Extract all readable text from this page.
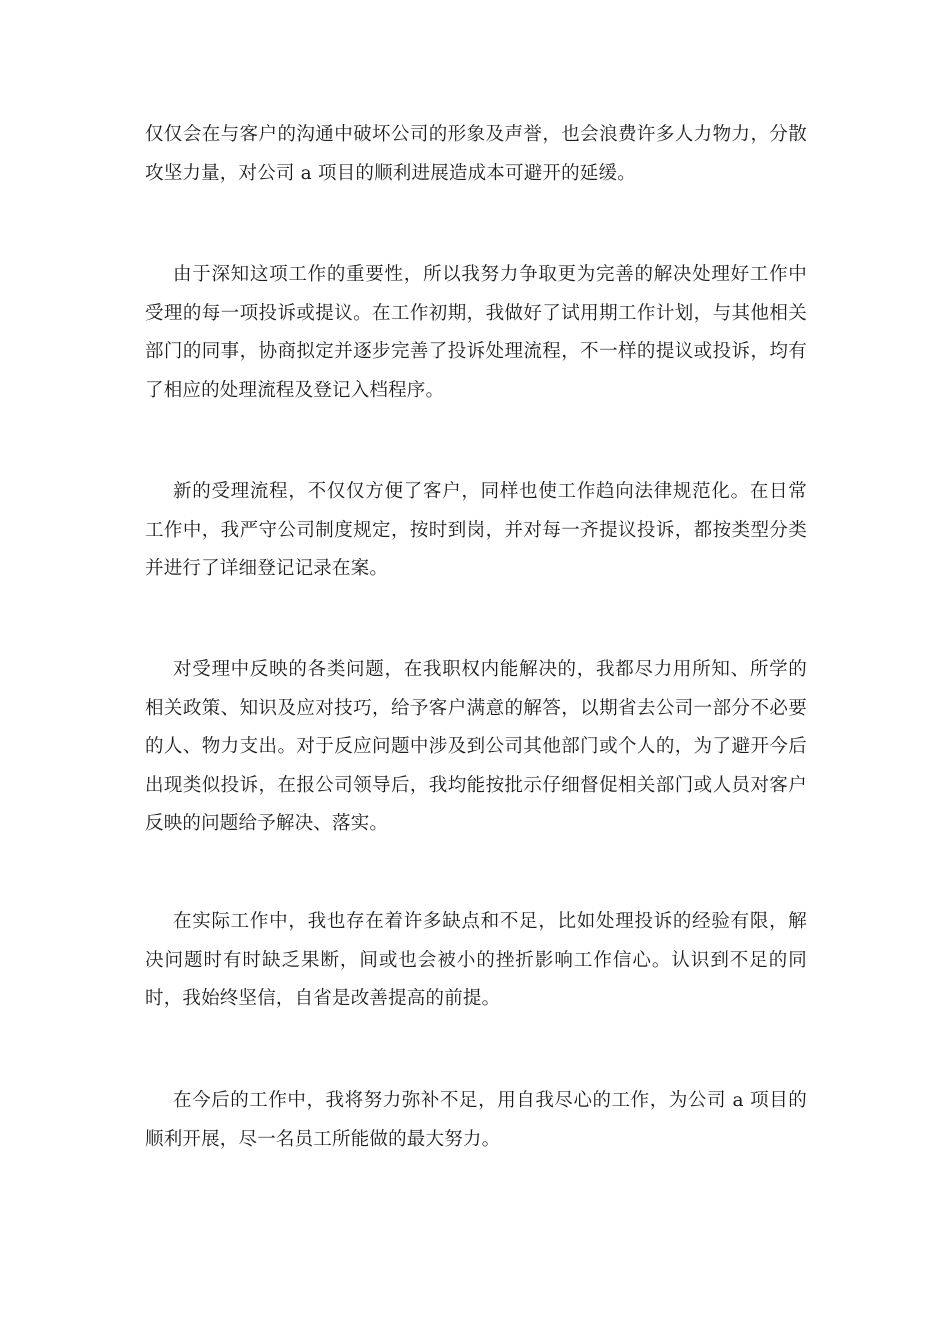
仅仅会在与客户的沟通中破坏公司的形象及声誉，也会浪费许多人力物力，分散攻坚力量，对公司 a 项目的顺利进展造成本可避开的延缓。

由于深知这项工作的重要性，所以我努力争取更为完善的解决处理好工作中受理的每一项投诉或提议。在工作初期，我做好了试用期工作计划，与其他相关部门的同事，协商拟定并逐步完善了投诉处理流程，不一样的提议或投诉，均有了相应的处理流程及登记入档程序。

新的受理流程，不仅仅方便了客户，同样也使工作趋向法律规范化。在日常工作中，我严守公司制度规定，按时到岗，并对每一齐提议投诉，都按类型分类并进行了详细登记记录在案。

对受理中反映的各类问题，在我职权内能解决的，我都尽力用所知、所学的相关政策、知识及应对技巧，给予客户满意的解答，以期省去公司一部分不必要的人、物力支出。对于反应问题中涉及到公司其他部门或个人的，为了避开今后出现类似投诉，在报公司领导后，我均能按批示仔细督促相关部门或人员对客户反映的问题给予解决、落实。

在实际工作中，我也存在着许多缺点和不足，比如处理投诉的经验有限，解决问题时有时缺乏果断，间或也会被小的挫折影响工作信心。认识到不足的同时，我始终坚信，自省是改善提高的前提。

在今后的工作中，我将努力弥补不足，用自我尽心的工作，为公司 a 项目的顺利开展，尽一名员工所能做的最大努力。
